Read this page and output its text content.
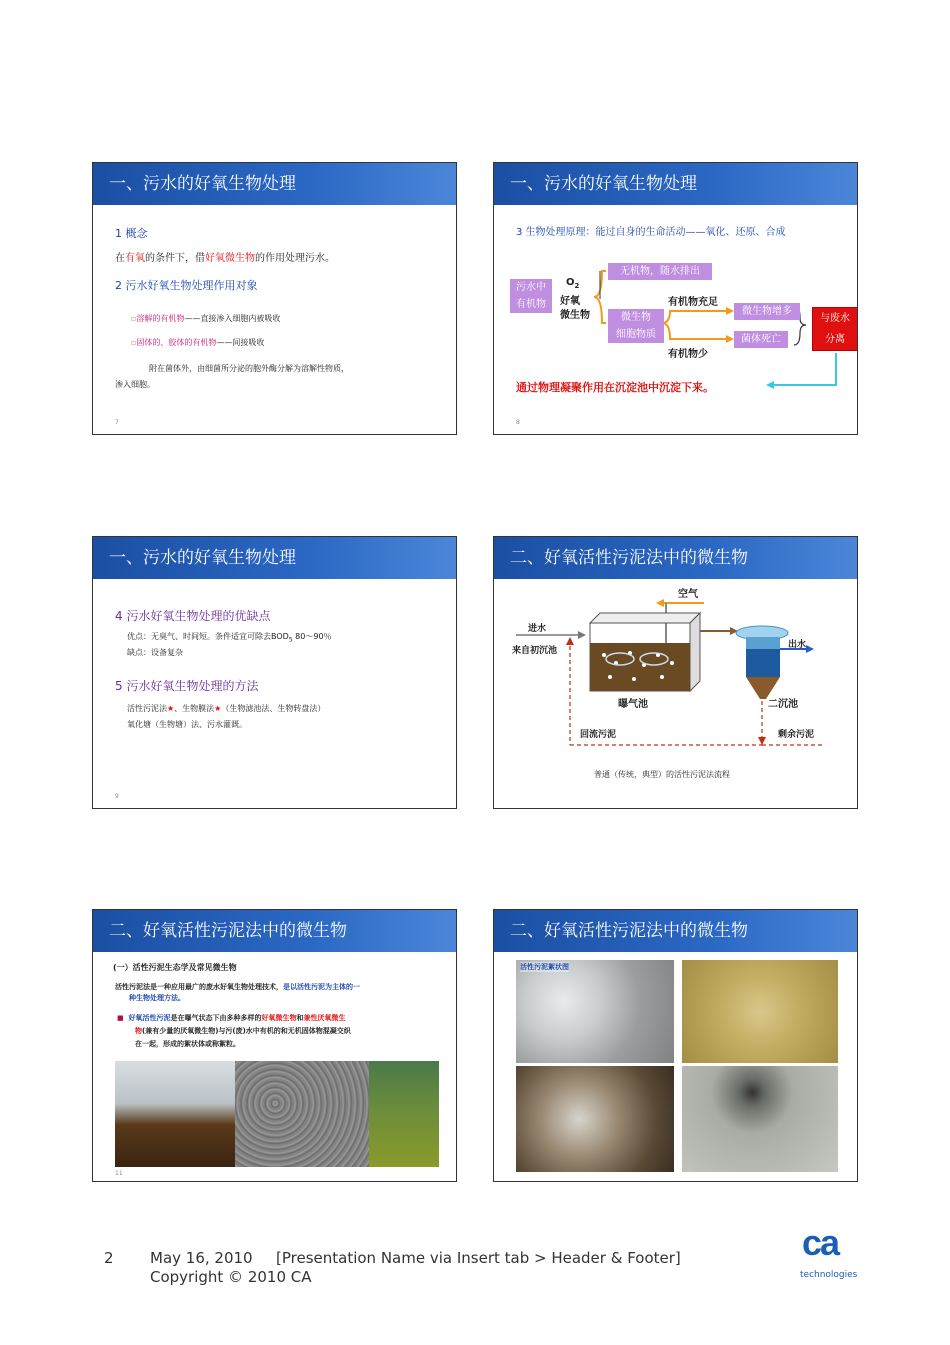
一、污水的好氧生物处理
1 概念
在有氧的条件下，借好氧微生物的作用处理污水。
2 污水好氧生物处理作用对象
▫溶解的有机物——直接渗入细胞内被吸收
▫固体的、胶体的有机物——间接吸收
附在菌体外，由细菌所分泌的胞外酶分解为溶解性物质，
渗入细胞。
7
一、污水的好氧生物处理
3 生物处理原理：能过自身的生命活动——氧化、还原、合成
污水中
有机物
$O_2$
好氧
微生物
无机物，随水排出
微生物
细胞物质
有机物充足
有机物少
微生物增多
菌体死亡
与废水
分离
通过物理凝聚作用在沉淀池中沉淀下来。
8
一、污水的好氧生物处理
4 污水好氧生物处理的优缺点
优点：无臭气、时间短。条件适宜可除去$BOD_5$ 80～90％
缺点：设备复杂
5 污水好氧生物处理的方法
活性污泥法★、生物膜法★（生物滤池法、生物转盘法）
氧化塘（生物塘）法、污水灌溉。
9
二、好氧活性污泥法中的微生物
空气
进水
来自初沉池
曝气池
出水
二沉池
回流污泥	剩余污泥
普通（传统，典型）的活性污泥法流程
二、好氧活性污泥法中的微生物
(一）活性污泥生态学及常见微生物
活性污泥法是一种应用最广的废水好氧生物处理技术，是以活性污泥为主体的一
种生物处理方法。
■ 好氧活性污泥是在曝气状态下由多种多样的好氧微生物和兼性厌氧微生
物(兼有少量的厌氧微生物)与污(废)水中有机的和无机固体物混凝交织
在一起，形成的絮状体或称絮粒。
11
二、好氧活性污泥法中的微生物
活性污泥絮状图
2 May 16, 2010 [Presentation Name via Insert tab > Header & Footer]
Copyright © 2010 CA
ca
technologies
